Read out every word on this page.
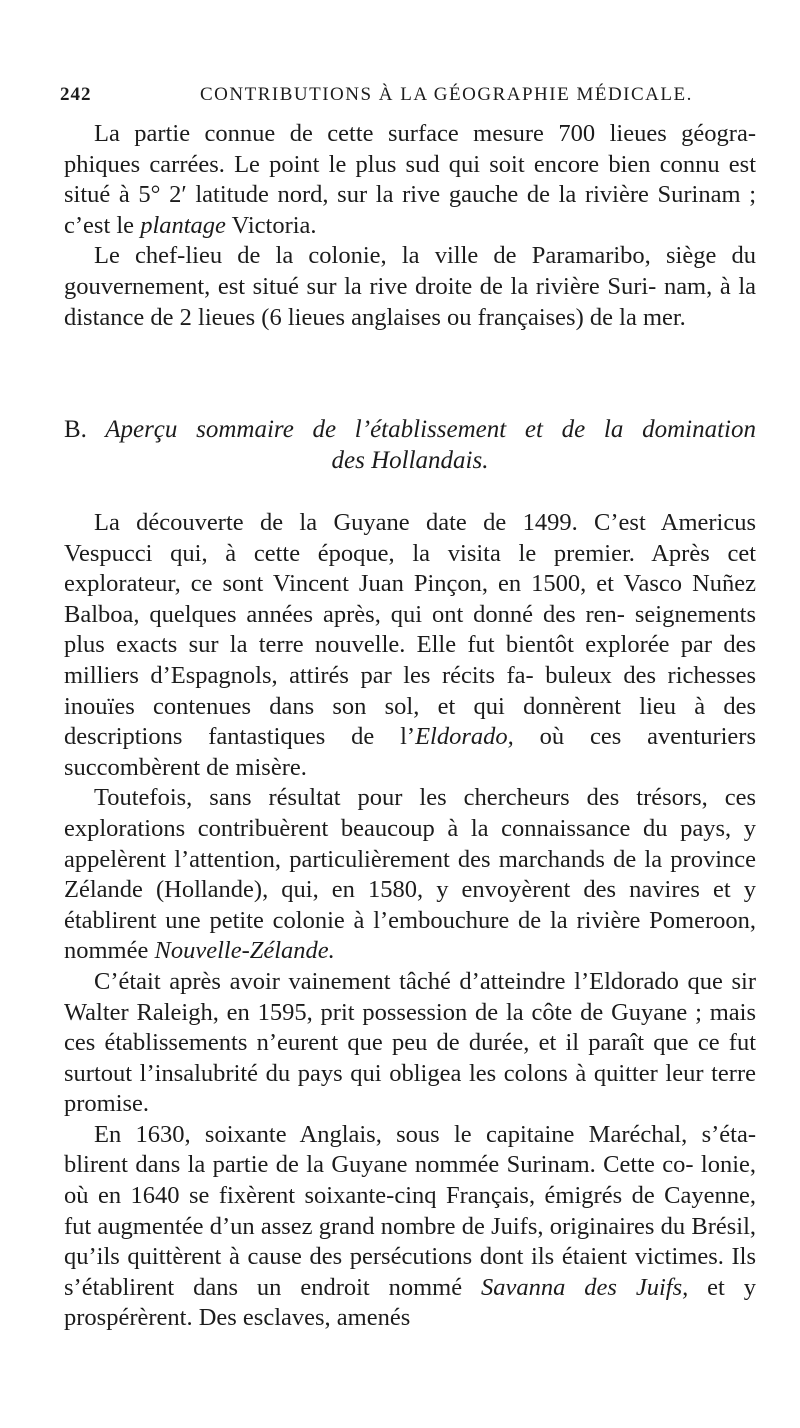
242	CONTRIBUTIONS À LA GÉOGRAPHIE MÉDICALE.

La partie connue de cette surface mesure 700 lieues géogra- phiques carrées. Le point le plus sud qui soit encore bien connu est situé à 5° 2′ latitude nord, sur la rive gauche de la rivière Surinam ; c’est le plantage Victoria.

Le chef-lieu de la colonie, la ville de Paramaribo, siège du gouvernement, est situé sur la rive droite de la rivière Suri- nam, à la distance de 2 lieues (6 lieues anglaises ou françaises) de la mer.

B. Aperçu sommaire de l’établissement et de la domination
des Hollandais.

La découverte de la Guyane date de 1499. C’est Americus Vespucci qui, à cette époque, la visita le premier. Après cet explorateur, ce sont Vincent Juan Pinçon, en 1500, et Vasco Nuñez Balboa, quelques années après, qui ont donné des ren- seignements plus exacts sur la terre nouvelle. Elle fut bientôt explorée par des milliers d’Espagnols, attirés par les récits fa- buleux des richesses inouïes contenues dans son sol, et qui donnèrent lieu à des descriptions fantastiques de l’Eldorado, où ces aventuriers succombèrent de misère.

Toutefois, sans résultat pour les chercheurs des trésors, ces explorations contribuèrent beaucoup à la connaissance du pays, y appelèrent l’attention, particulièrement des marchands de la province Zélande (Hollande), qui, en 1580, y envoyèrent des navires et y établirent une petite colonie à l’embouchure de la rivière Pomeroon, nommée Nouvelle-Zélande.

C’était après avoir vainement tâché d’atteindre l’Eldorado que sir Walter Raleigh, en 1595, prit possession de la côte de Guyane ; mais ces établissements n’eurent que peu de durée, et il paraît que ce fut surtout l’insalubrité du pays qui obligea les colons à quitter leur terre promise.

En 1630, soixante Anglais, sous le capitaine Maréchal, s’éta- blirent dans la partie de la Guyane nommée Surinam. Cette co- lonie, où en 1640 se fixèrent soixante-cinq Français, émigrés de Cayenne, fut augmentée d’un assez grand nombre de Juifs, originaires du Brésil, qu’ils quittèrent à cause des persécutions dont ils étaient victimes. Ils s’établirent dans un endroit nommé Savanna des Juifs, et y prospérèrent. Des esclaves, amenés
